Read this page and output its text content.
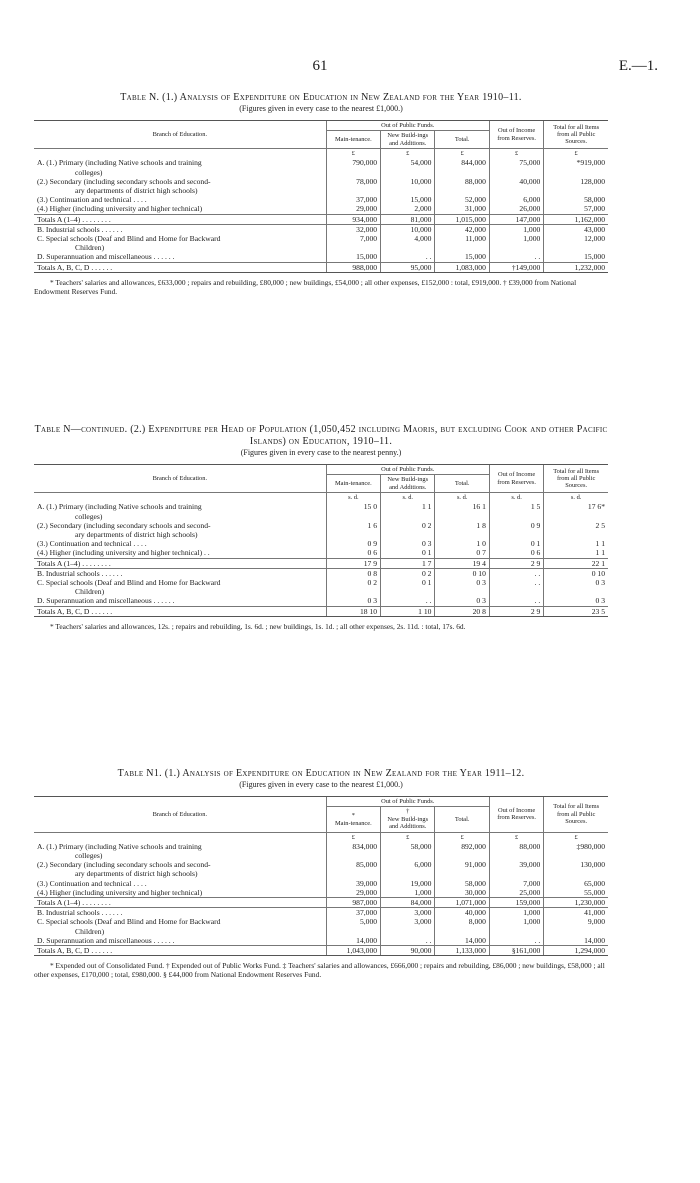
61	E.—1.
Table N. (1.) Analysis of Expenditure on Education in New Zealand for the Year 1910–11.
(Figures given in every case to the nearest £1,000.)
Branch of Education.	Out of Public Funds.			Out of Income from Reserves.	Total for all Items from all Public Sources.
	Main-tenance.	New Build-ings and Additions.	Total.		
	£	£	£	£	£

A. (1.) Primary (including Native schools and training
colleges)	790,000	54,000	844,000	75,000	*919,000

(2.) Secondary (including secondary schools and second-
ary departments of district high schools)	78,000	10,000	88,000	40,000	128,000

(3.) Continuation and technical . . . .	37,000	15,000	52,000	6,000	58,000

(4.) Higher (including university and higher technical)	29,000	2,000	31,000	26,000	57,000

Totals A (1–4) . . . . . . . .	934,000	81,000	1,015,000	147,000	1,162,000

B. Industrial schools . . . . . .	32,000	10,000	42,000	1,000	43,000

C. Special schools (Deaf and Blind and Home for Backward
Children)	7,000	4,000	11,000	1,000	12,000

D. Superannuation and miscellaneous . . . . . .	15,000	. .	15,000	. .	15,000

Totals A, B, C, D . . . . . .	988,000	95,000	1,083,000	†149,000	1,232,000
* Teachers' salaries and allowances, £633,000 ; repairs and rebuilding, £80,000 ; new buildings, £54,000 ; all other expenses, £152,000 : total, £919,000. † £39,000 from National Endowment Reserves Fund.
Table N—continued. (2.) Expenditure per Head of Population (1,050,452 including Maoris, but excluding Cook and other Pacific Islands) on Education, 1910–11.
(Figures given in every case to the nearest penny.)
Branch of Education.	Out of Public Funds.			Out of Income from Reserves.	Total for all Items from all Public Sources.
	Main-tenance.	New Build-ings and Additions.	Total.		
	s. d.	s. d.	s. d.	s. d.	s. d.

A. (1.) Primary (including Native schools and training
colleges)	15 0	1 1	16 1	1 5	17 6*

(2.) Secondary (including secondary schools and second-
ary departments of district high schools)	1 6	0 2	1 8	0 9	2 5

(3.) Continuation and technical . . . .	0 9	0 3	1 0	0 1	1 1

(4.) Higher (including university and higher technical) . .	0 6	0 1	0 7	0 6	1 1

Totals A (1–4) . . . . . . . .	17 9	1 7	19 4	2 9	22 1

B. Industrial schools . . . . . .	0 8	0 2	0 10	. .	0 10

C. Special schools (Deaf and Blind and Home for Backward
Children)	0 2	0 1	0 3	. .	0 3

D. Superannuation and miscellaneous . . . . . .	0 3	. .	0 3	. .	0 3

Totals A, B, C, D . . . . . .	18 10	1 10	20 8	2 9	23 5
* Teachers' salaries and allowances, 12s. ; repairs and rebuilding, 1s. 6d. ; new buildings, 1s. 1d. ; all other expenses, 2s. 11d. : total, 17s. 6d.
Table N1. (1.) Analysis of Expenditure on Education in New Zealand for the Year 1911–12.
(Figures given in every case to the nearest £1,000.)
Branch of Education.	Out of Public Funds.			Out of Income from Reserves.	Total for all Items from all Public Sources.

	*
Main-tenance.	†
New Build-ings and Additions.	Total.		
	£	£	£	£	£

A. (1.) Primary (including Native schools and training
colleges)	834,000	58,000	892,000	88,000	‡980,000

(2.) Secondary (including secondary schools and second-
ary departments of district high schools)	85,000	6,000	91,000	39,000	130,000

(3.) Continuation and technical . . . .	39,000	19,000	58,000	7,000	65,000

(4.) Higher (including university and higher technical)	29,000	1,000	30,000	25,000	55,000

Totals A (1–4) . . . . . . . .	987,000	84,000	1,071,000	159,000	1,230,000

B. Industrial schools . . . . . .	37,000	3,000	40,000	1,000	41,000

C. Special schools (Deaf and Blind and Home for Backward
Children)	5,000	3,000	8,000	1,000	9,000

D. Superannuation and miscellaneous . . . . . .	14,000	. .	14,000	. .	14,000

Totals A, B, C, D . . . . . .	1,043,000	90,000	1,133,000	§161,000	1,294,000
* Expended out of Consolidated Fund. † Expended out of Public Works Fund. ‡ Teachers' salaries and allowances, £666,000 ; repairs and rebuilding, £86,000 ; new buildings, £58,000 ; all other expenses, £170,000 ; total, £980,000. § £44,000 from National Endowment Reserves Fund.
